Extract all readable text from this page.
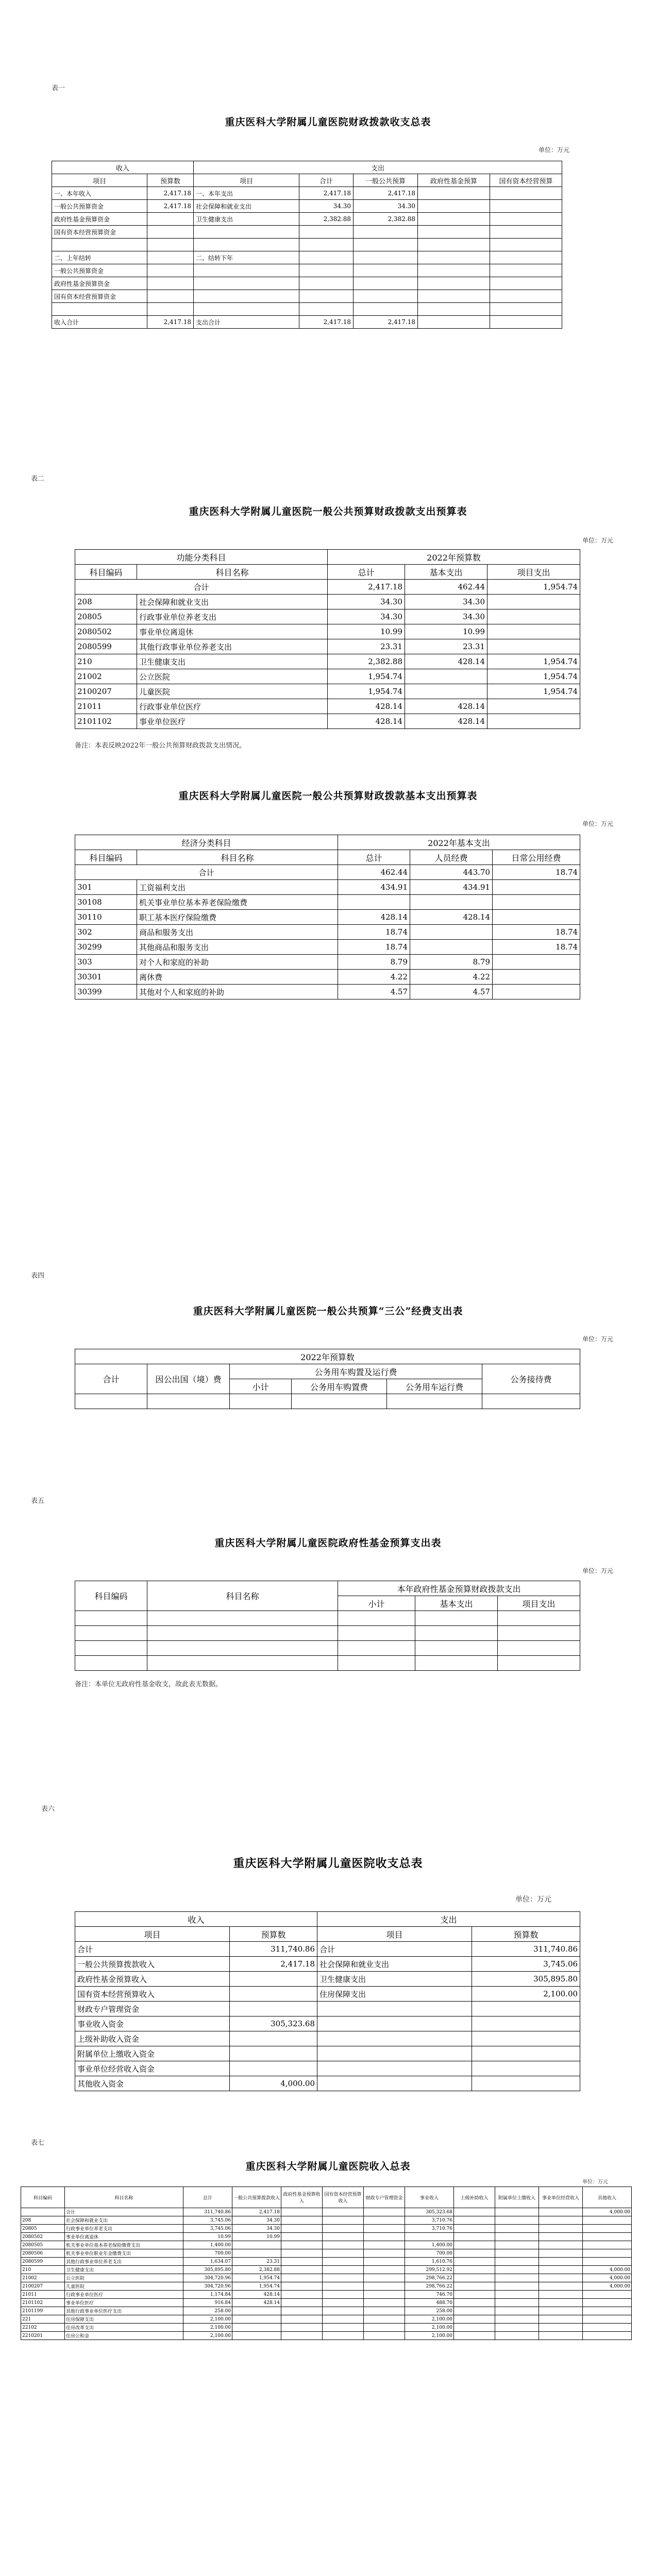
表一
重庆医科大学附属儿童医院财政拨款收支总表
单位：万元
收入		支出				
项目	预算数	项目	合计	一般公共预算	政府性基金预算	国有资本经营预算
一、本年收入	2,417.18	一、本年支出	2,417.18	2,417.18		
一般公共预算资金	2,417.18	社会保障和就业支出	34.30	34.30		
政府性基金预算资金		卫生健康支出	2,382.88	2,382.88		
国有资本经营预算资金						

二、上年结转		二、结转下年				
一般公共预算资金						
政府性基金预算资金						
国有资本经营预算资金						

收入合计	2,417.18	支出合计	2,417.18	2,417.18		
表二
重庆医科大学附属儿童医院一般公共预算财政拨款支出预算表
单位：万元
功能分类科目		2022年预算数		
科目编码	科目名称	总计	基本支出	项目支出
合计		2,417.18	462.44	1,954.74
208	社会保障和就业支出	34.30	34.30	
20805	行政事业单位养老支出	34.30	34.30	
2080502	事业单位离退休	10.99	10.99	
2080599	其他行政事业单位养老支出	23.31	23.31	
210	卫生健康支出	2,382.88	428.14	1,954.74
21002	公立医院	1,954.74		1,954.74
2100207	儿童医院	1,954.74		1,954.74
21011	行政事业单位医疗	428.14	428.14	
2101102	事业单位医疗	428.14	428.14	
备注：本表反映2022年一般公共预算财政拨款支出情况。
重庆医科大学附属儿童医院一般公共预算财政拨款基本支出预算表
单位：万元
经济分类科目		2022年基本支出		
科目编码	科目名称	总计	人员经费	日常公用经费
合计		462.44	443.70	18.74
301	工资福利支出	434.91	434.91	
30108	机关事业单位基本养老保险缴费			
30110	职工基本医疗保险缴费	428.14	428.14	
302	商品和服务支出	18.74		18.74
30299	其他商品和服务支出	18.74		18.74
303	对个人和家庭的补助	8.79	8.79	
30301	离休费	4.22	4.22	
30399	其他对个人和家庭的补助	4.57	4.57	
表四
重庆医科大学附属儿童医院一般公共预算“三公”经费支出表
单位：万元
2022年预算数					
合计	因公出国（境）费	公务用车购置及运行费			公务接待费
		小计	公务用车购置费	公务用车运行费	

表五
重庆医科大学附属儿童医院政府性基金预算支出表
单位：万元
科目编码	科目名称	本年政府性基金预算财政拨款支出		
		小计	基本支出	项目支出

备注：本单位无政府性基金收支，故此表无数据。
表六
重庆医科大学附属儿童医院收支总表
单位：万元
收入		支出	
项目	预算数	项目	预算数
合计	311,740.86	合计	311,740.86
一般公共预算拨款收入	2,417.18	社会保障和就业支出	3,745.06
政府性基金预算收入		卫生健康支出	305,895.80
国有资本经营预算收入		住房保障支出	2,100.00
财政专户管理资金			
事业收入资金	305,323.68		
上级补助收入资金			
附属单位上缴收入资金			
事业单位经营收入资金			
其他收入资金	4,000.00		
表七
重庆医科大学附属儿童医院收入总表
单位：万元
科目编码	科目名称	总计	一般公共预算拨款收入	政府性基金预算收入	国有资本经营预算收入	财政专户管理资金	事业收入	上级补助收入	附属单位上缴收入	事业单位经营收入	其他收入
	合计	311,740.86	2,417.18				305,323.68				4,000.00
208	社会保障和就业支出	3,745.06	34.30				3,710.76				
20805	行政事业单位养老支出	3,745.06	34.30				3,710.76				
2080502	事业单位离退休	10.99	10.99								
2080505	机关事业单位基本养老保险缴费支出	1,400.00					1,400.00				
2080506	机关事业单位职业年金缴费支出	700.00					700.00				
2080599	其他行政事业单位养老支出	1,634.07	23.31				1,610.76				
210	卫生健康支出	305,895.80	2,382.88				299,512.92				4,000.00
21002	公立医院	304,720.96	1,954.74				298,766.22				4,000.00
2100207	儿童医院	304,720.96	1,954.74				298,766.22				4,000.00
21011	行政事业单位医疗	1,174.84	428.14				746.70				
2101102	事业单位医疗	916.84	428.14				488.70				
2101199	其他行政事业单位医疗支出	258.00					258.00				
221	住房保障支出	2,100.00					2,100.00				
22102	住房改革支出	2,100.00					2,100.00				
2210201	住房公积金	2,100.00					2,100.00				
